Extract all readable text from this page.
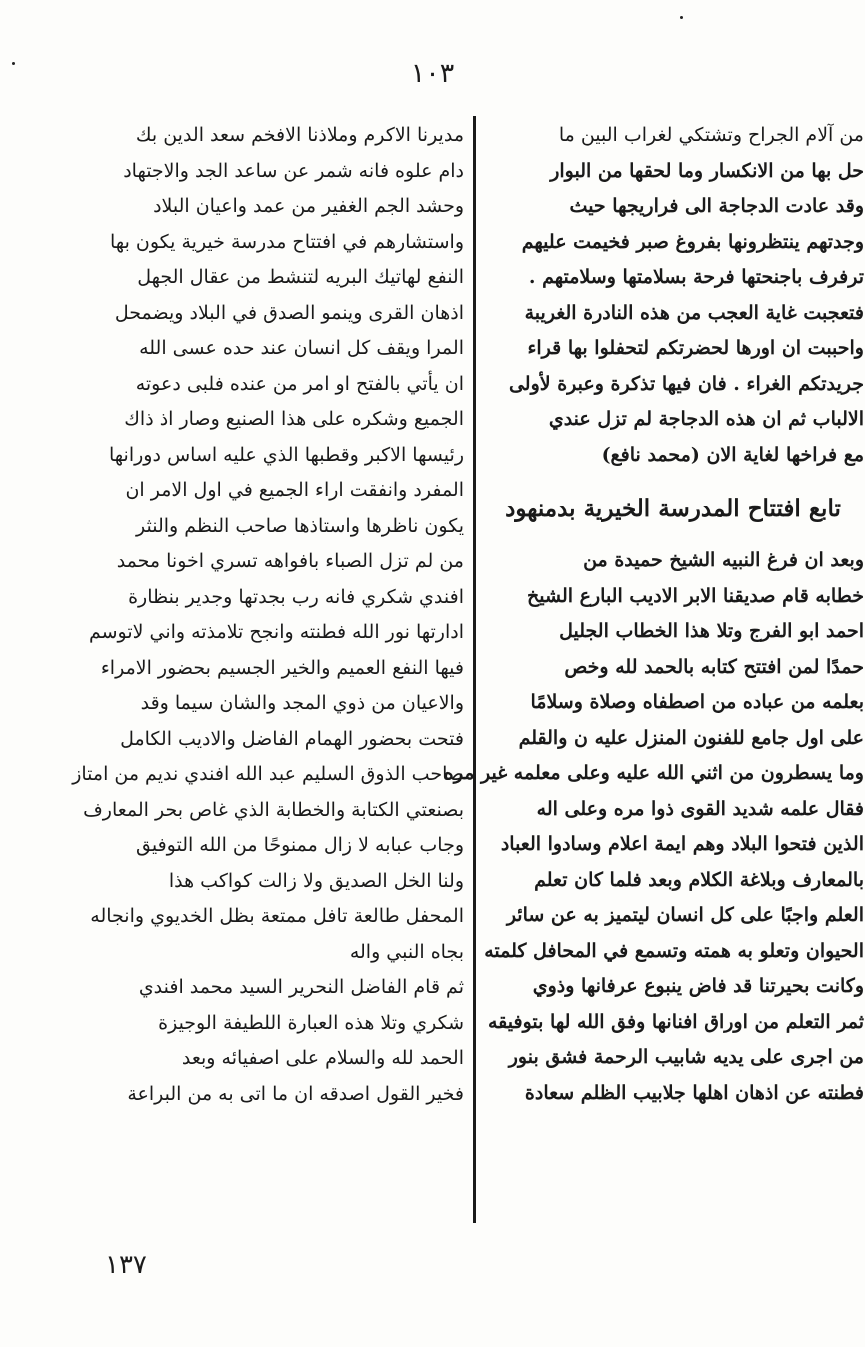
١٠٣
من آلام الجراح وتشتكي لغراب البين ما
حل بها من الانكسار وما لحقها من البوار
وقد عادت الدجاجة الى فراريجها حيث
وجدتهم ينتظرونها بفروغ صبر فخيمت عليهم
ترفرف باجنحتها فرحة بسلامتها وسلامتهم .
فتعجبت غاية العجب من هذه النادرة الغريبة
واحببت ان اورها لحضرتكم لتحفلوا بها قراء
جريدتكم الغراء . فان فيها تذكرة وعبرة لأولى
الالباب ثم ان هذه الدجاجة لم تزل عندي
مع فراخها لغاية الان (محمد نافع)
تابع افتتاح المدرسة الخيرية بدمنهود
وبعد ان فرغ النبيه الشيخ حميدة من
خطابه قام صديقنا الابر الاديب البارع الشيخ
احمد ابو الفرج وتلا هذا الخطاب الجليل
حمدًا لمن افتتح كتابه بالحمد لله وخص
بعلمه من عباده من اصطفاه وصلاة وسلامًا
على اول جامع للفنون المنزل عليه ن والقلم
وما يسطرون من اثني الله عليه وعلى معلمه غير مره
فقال علمه شديد القوى ذوا مره وعلى اله
الذين فتحوا البلاد وهم ايمة اعلام وسادوا العباد
بالمعارف وبلاغة الكلام وبعد فلما كان تعلم
العلم واجبًا على كل انسان ليتميز به عن سائر
الحيوان وتعلو به همته وتسمع في المحافل كلمته
وكانت بحيرتنا قد فاض ينبوع عرفانها وذوي
ثمر التعلم من اوراق افنانها وفق الله لها بتوفيقه
من اجرى على يديه شابيب الرحمة فشق بنور
فطنته عن اذهان اهلها جلابيب الظلم سعادة
مديرنا الاكرم وملاذنا الافخم سعد الدين بك
دام علوه فانه شمر عن ساعد الجد والاجتهاد
وحشد الجم الغفير من عمد واعيان البلاد
واستشارهم في افتتاح مدرسة خيرية يكون بها
النفع لهاتيك البريه لتنشط من عقال الجهل
اذهان القرى وينمو الصدق في البلاد ويضمحل
المرا ويقف كل انسان عند حده عسى الله
ان يأتي بالفتح او امر من عنده فلبى دعوته
الجميع وشكره على هذا الصنيع وصار اذ ذاك
رئيسها الاكبر وقطبها الذي عليه اساس دورانها
المفرد وانفقت اراء الجميع في اول الامر ان
يكون ناظرها واستاذها صاحب النظم والنثر
من لم تزل الصباء بافواهه تسري اخونا محمد
افندي شكري فانه رب بجدتها وجدير بنظارة
ادارتها نور الله فطنته وانجح تلامذته واني لاتوسم
فيها النفع العميم والخير الجسيم بحضور الامراء
والاعيان من ذوي المجد والشان سيما وقد
فتحت بحضور الهمام الفاضل والاديب الكامل
صاحب الذوق السليم عبد الله افندي نديم من امتاز
بصنعتي الكتابة والخطابة الذي غاص بحر المعارف
وجاب عبابه لا زال ممنوحًا من الله التوفيق
ولنا الخل الصديق ولا زالت كواكب هذا
المحفل طالعة تافل ممتعة بظل الخديوي وانجاله
بجاه النبي واله
ثم قام الفاضل النحرير السيد محمد افندي
شكري وتلا هذه العبارة اللطيفة الوجيزة
الحمد لله والسلام على اصفيائه وبعد
فخير القول اصدقه ان ما اتى به من البراعة
١٣٧
